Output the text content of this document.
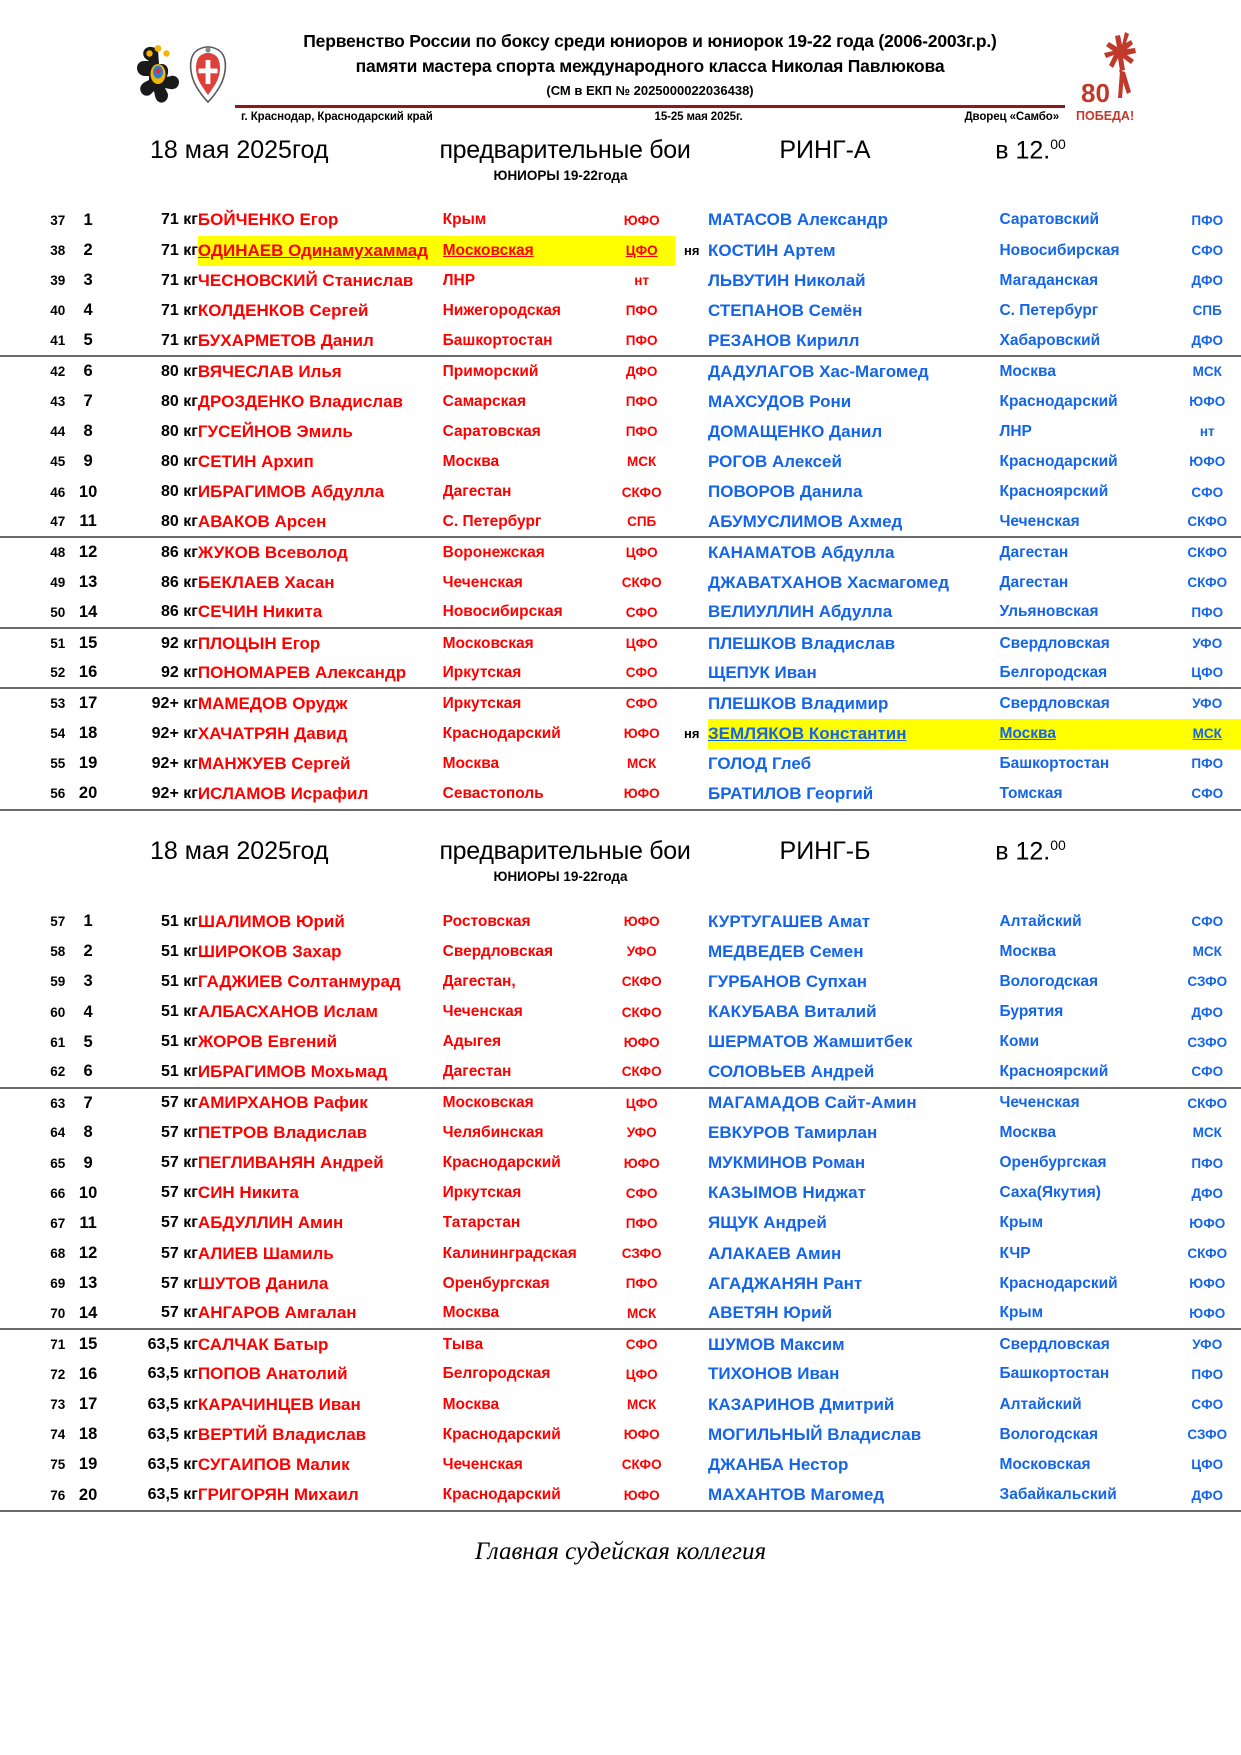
Первенство России по боксу среди юниоров и юниорок 19-22 года (2006-2003г.р.)
памяти мастера спорта международного класса Николая Павлюкова
(СМ в ЕКП № 2025000022036438)
г. Краснодар, Краснодарский край	15-25 мая 2025г.	Дворец «Самбо»
80
ПОБЕДА!
18 мая 2025год	предварительные бои	РИНГ-А	в 12.00
ЮНИОРЫ 19-22года
37	1	71 кг	БОЙЧЕНКО Егор	Крым	ЮФО		МАТАСОВ Александр	Саратовский	ПФО
38	2	71 кг	ОДИНАЕВ Одинамухаммад	Московская	ЦФО	ня	КОСТИН Артем	Новосибирская	СФО
39	3	71 кг	ЧЕСНОВСКИЙ Станислав	ЛНР	нт		ЛЬВУТИН Николай	Магаданская	ДФО
40	4	71 кг	КОЛДЕНКОВ Сергей	Нижегородская	ПФО		СТЕПАНОВ Семён	С. Петербург	СПБ
41	5	71 кг	БУХАРМЕТОВ Данил	Башкортостан	ПФО		РЕЗАНОВ Кирилл	Хабаровский	ДФО
42	6	80 кг	ВЯЧЕСЛАВ Илья	Приморский	ДФО		ДАДУЛАГОВ Хас-Магомед	Москва	МСК
43	7	80 кг	ДРОЗДЕНКО Владислав	Самарская	ПФО		МАХСУДОВ Рони	Краснодарский	ЮФО
44	8	80 кг	ГУСЕЙНОВ Эмиль	Саратовская	ПФО		ДОМАЩЕНКО Данил	ЛНР	нт
45	9	80 кг	СЕТИН Архип	Москва	МСК		РОГОВ Алексей	Краснодарский	ЮФО
46	10	80 кг	ИБРАГИМОВ Абдулла	Дагестан	СКФО		ПОВОРОВ Данила	Красноярский	СФО
47	11	80 кг	АВАКОВ Арсен	С. Петербург	СПБ		АБУМУСЛИМОВ Ахмед	Чеченская	СКФО
48	12	86 кг	ЖУКОВ Всеволод	Воронежская	ЦФО		КАНАМАТОВ Абдулла	Дагестан	СКФО
49	13	86 кг	БЕКЛАЕВ Хасан	Чеченская	СКФО		ДЖАВАТХАНОВ Хасмагомед	Дагестан	СКФО
50	14	86 кг	СЕЧИН Никита	Новосибирская	СФО		ВЕЛИУЛЛИН Абдулла	Ульяновская	ПФО
51	15	92 кг	ПЛОЦЫН Егор	Московская	ЦФО		ПЛЕШКОВ Владислав	Свердловская	УФО
52	16	92 кг	ПОНОМАРЕВ Александр	Иркутская	СФО		ЩЕПУК Иван	Белгородская	ЦФО
53	17	92+ кг	МАМЕДОВ Орудж	Иркутская	СФО		ПЛЕШКОВ Владимир	Свердловская	УФО
54	18	92+ кг	ХАЧАТРЯН Давид	Краснодарский	ЮФО	ня	ЗЕМЛЯКОВ Константин	Москва	МСК
55	19	92+ кг	МАНЖУЕВ Сергей	Москва	МСК		ГОЛОД Глеб	Башкортостан	ПФО
56	20	92+ кг	ИСЛАМОВ Исрафил	Севастополь	ЮФО		БРАТИЛОВ Георгий	Томская	СФО
18 мая 2025год	предварительные бои	РИНГ-Б	в 12.00
ЮНИОРЫ 19-22года
57	1	51 кг	ШАЛИМОВ Юрий	Ростовская	ЮФО		КУРТУГАШЕВ Амат	Алтайский	СФО
58	2	51 кг	ШИРОКОВ Захар	Свердловская	УФО		МЕДВЕДЕВ Семен	Москва	МСК
59	3	51 кг	ГАДЖИЕВ Солтанмурад	Дагестан,	СКФО		ГУРБАНОВ Супхан	Вологодская	СЗФО
60	4	51 кг	АЛБАСХАНОВ Ислам	Чеченская	СКФО		КАКУБАВА Виталий	Бурятия	ДФО
61	5	51 кг	ЖОРОВ Евгений	Адыгея	ЮФО		ШЕРМАТОВ Жамшитбек	Коми	СЗФО
62	6	51 кг	ИБРАГИМОВ Мохьмад	Дагестан	СКФО		СОЛОВЬЕВ Андрей	Красноярский	СФО
63	7	57 кг	АМИРХАНОВ Рафик	Московская	ЦФО		МАГАМАДОВ Сайт-Амин	Чеченская	СКФО
64	8	57 кг	ПЕТРОВ Владислав	Челябинская	УФО		ЕВКУРОВ Тамирлан	Москва	МСК
65	9	57 кг	ПЕГЛИВАНЯН Андрей	Краснодарский	ЮФО		МУКМИНОВ Роман	Оренбургская	ПФО
66	10	57 кг	СИН Никита	Иркутская	СФО		КАЗЫМОВ Ниджат	Саха(Якутия)	ДФО
67	11	57 кг	АБДУЛЛИН Амин	Татарстан	ПФО		ЯЩУК Андрей	Крым	ЮФО
68	12	57 кг	АЛИЕВ Шамиль	Калининградская	СЗФО		АЛАКАЕВ Амин	КЧР	СКФО
69	13	57 кг	ШУТОВ Данила	Оренбургская	ПФО		АГАДЖАНЯН Рант	Краснодарский	ЮФО
70	14	57 кг	АНГАРОВ Амгалан	Москва	МСК		АВЕТЯН Юрий	Крым	ЮФО
71	15	63,5 кг	САЛЧАК Батыр	Тыва	СФО		ШУМОВ Максим	Свердловская	УФО
72	16	63,5 кг	ПОПОВ Анатолий	Белгородская	ЦФО		ТИХОНОВ Иван	Башкортостан	ПФО
73	17	63,5 кг	КАРАЧИНЦЕВ Иван	Москва	МСК		КАЗАРИНОВ Дмитрий	Алтайский	СФО
74	18	63,5 кг	ВЕРТИЙ Владислав	Краснодарский	ЮФО		МОГИЛЬНЫЙ Владислав	Вологодская	СЗФО
75	19	63,5 кг	СУГАИПОВ Малик	Чеченская	СКФО		ДЖАНБА Нестор	Московская	ЦФО
76	20	63,5 кг	ГРИГОРЯН Михаил	Краснодарский	ЮФО		МАХАНТОВ Магомед	Забайкальский	ДФО
Главная судейская коллегия
